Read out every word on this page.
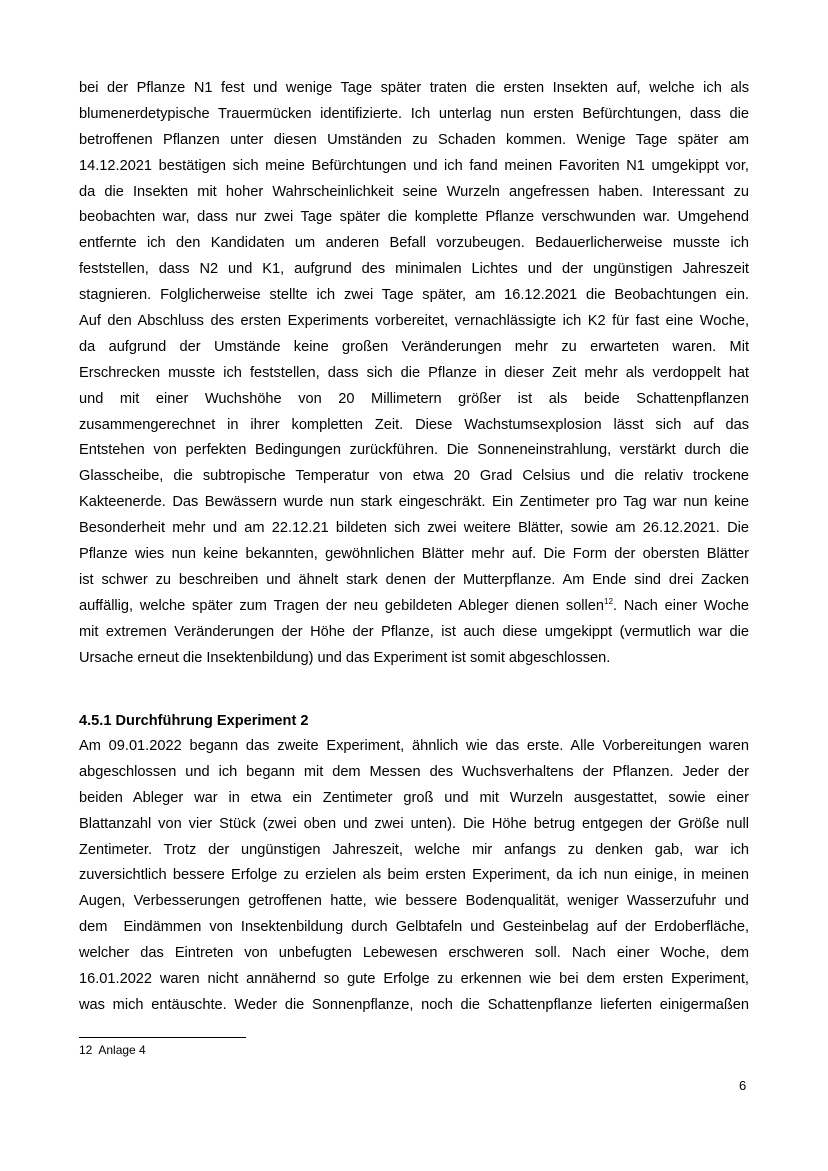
bei der Pflanze N1 fest und wenige Tage später traten die ersten Insekten auf, welche ich als
blumenerdetypische Trauermücken identifizierte. Ich unterlag nun ersten Befürchtungen, dass die
betroffenen Pflanzen unter diesen Umständen zu Schaden kommen. Wenige Tage später am
14.12.2021 bestätigen sich meine Befürchtungen und ich fand meinen Favoriten N1 umgekippt vor,
da die Insekten mit hoher Wahrscheinlichkeit seine Wurzeln angefressen haben. Interessant zu
beobachten war, dass nur zwei Tage später die komplette Pflanze verschwunden war. Umgehend
entfernte ich den Kandidaten um anderen Befall vorzubeugen. Bedauerlicherweise musste ich
feststellen, dass N2 und K1, aufgrund des minimalen Lichtes und der ungünstigen Jahreszeit
stagnieren. Folglicherweise stellte ich zwei Tage später, am 16.12.2021 die Beobachtungen ein.
Auf den Abschluss des ersten Experiments vorbereitet, vernachlässigte ich K2 für fast eine Woche,
da aufgrund der Umstände keine großen Veränderungen mehr zu erwarteten waren. Mit
Erschrecken musste ich feststellen, dass sich die Pflanze in dieser Zeit mehr als verdoppelt hat
und mit einer Wuchshöhe von 20 Millimetern größer ist als beide Schattenpflanzen
zusammengerechnet in ihrer kompletten Zeit. Diese Wachstumsexplosion lässt sich auf das
Entstehen von perfekten Bedingungen zurückführen. Die Sonneneinstrahlung, verstärkt durch die
Glasscheibe, die subtropische Temperatur von etwa 20 Grad Celsius und die relativ trockene
Kakteenerde. Das Bewässern wurde nun stark eingeschräkt. Ein Zentimeter pro Tag war nun keine
Besonderheit mehr und am 22.12.21 bildeten sich zwei weitere Blätter, sowie am 26.12.2021. Die
Pflanze wies nun keine bekannten, gewöhnlichen Blätter mehr auf. Die Form der obersten Blätter
ist schwer zu beschreiben und ähnelt stark denen der Mutterpflanze. Am Ende sind drei Zacken
auffällig, welche später zum Tragen der neu gebildeten Ableger dienen sollen$^{12}$. Nach einer Woche
mit extremen Veränderungen der Höhe der Pflanze, ist auch diese umgekippt (vermutlich war die
Ursache erneut die Insektenbildung) und das Experiment ist somit abgeschlossen.
4.5.1 Durchführung Experiment 2
Am 09.01.2022 begann das zweite Experiment, ähnlich wie das erste. Alle Vorbereitungen waren
abgeschlossen und ich begann mit dem Messen des Wuchsverhaltens der Pflanzen. Jeder der
beiden Ableger war in etwa ein Zentimeter groß und mit Wurzeln ausgestattet, sowie einer
Blattanzahl von vier Stück (zwei oben und zwei unten). Die Höhe betrug entgegen der Größe null
Zentimeter. Trotz der ungünstigen Jahreszeit, welche mir anfangs zu denken gab, war ich
zuversichtlich bessere Erfolge zu erzielen als beim ersten Experiment, da ich nun einige, in meinen
Augen, Verbesserungen getroffenen hatte, wie bessere Bodenqualität, weniger Wasserzufuhr und
dem  Eindämmen von Insektenbildung durch Gelbtafeln und Gesteinbelag auf der Erdoberfläche,
welcher das Eintreten von unbefugten Lebewesen erschweren soll. Nach einer Woche, dem
16.01.2022 waren nicht annähernd so gute Erfolge zu erkennen wie bei dem ersten Experiment,
was mich entäuschte. Weder die Sonnenpflanze, noch die Schattenpflanze lieferten einigermaßen
12  Anlage 4
6
